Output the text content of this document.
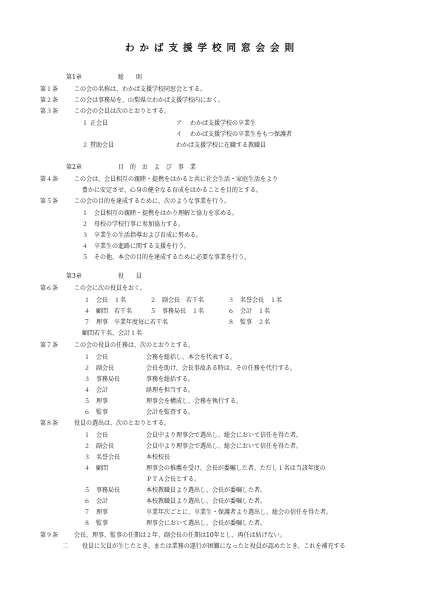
わかば支援学校同窓会会則
第1章	総　　則
第１条	この会の名称は、わかば支援学校同窓会とする。
第２条	この会は事務局を、山梨県立わかば支援学校内におく。
第３条	この会の会員は次のとおりとする。
１ 正会員	ア わかば支援学校の卒業生
イ わかば支援学校の卒業生をもつ保護者
２ 賛助会員	わかば支援学校に在職する教職員
第2章	目　的　お　よ　び　事　業
第４条	この会は、会員相互の親睦・提携をはかると共に社会生活・家庭生活をより
豊かに安定させ、心身の健全なる育成をはかることを目的とする。
第５条	この会の目的を達成するために、次のような事業を行う。
１　会員相互の親睦・提携をはかり理解と協力を求める。
２　母校の学校行事に参加協力する。
３　卒業生の生活指導および育成に努める。
４　卒業生の進路に関する支援を行う。
５　その他、本会の目的を達成するために必要な事業を行う。
第3章	役　　員
第６条	この会に次の役員をおく。
１　会長　１名	２　副会長　若干名	３　名誉会長　１名
４　顧問　若干名	５　事務局長　１名	６　会計　１名
７　理事　卒業年度毎に若干名	８　監事　２名
顧問若干名、会計１名
第７条	この会の役員の任務は、次のとおりとする。
１ 会長	会務を総括し、本会を代表する。
２ 副会長	会長を助け、会長事故ある時は、その任務を代行する。
３ 事務局長	事務を総括する。
４ 会計	経理を担当する。
５ 理事	理事会を構成し、会務を執行する。
６ 監事	会計を監査する。
第８条	役員の選出は、次のとおりとする。
１ 会長	会員中より理事会で選出し、総会において信任を得た者。
２ 副会長	会員中より理事会で選出し、総会において信任を得た者。
３ 名誉会長	本校校長
４ 顧問	理事会の推薦を受け、会長が委嘱した者。ただし１名は当該年度の
ＰＴＡ会長とする。
５ 事務局長	本校教職員より選出し、会長が委嘱した者。
６ 会計	本校教職員より選出し、会長が委嘱した者。
７ 理事	卒業年次ごとに、卒業生・保護者より選出し、総会の信任を得た者。
８ 監事	理事会において選出し、会長が委嘱した者。
第９条	会長、理事、監事の任期は２年、副会長の任期は10年とし、再任は妨げない。
二 役員に欠員が生じたとき、または業務の遂行が困難になったと役員が認めたとき、これを補充する
